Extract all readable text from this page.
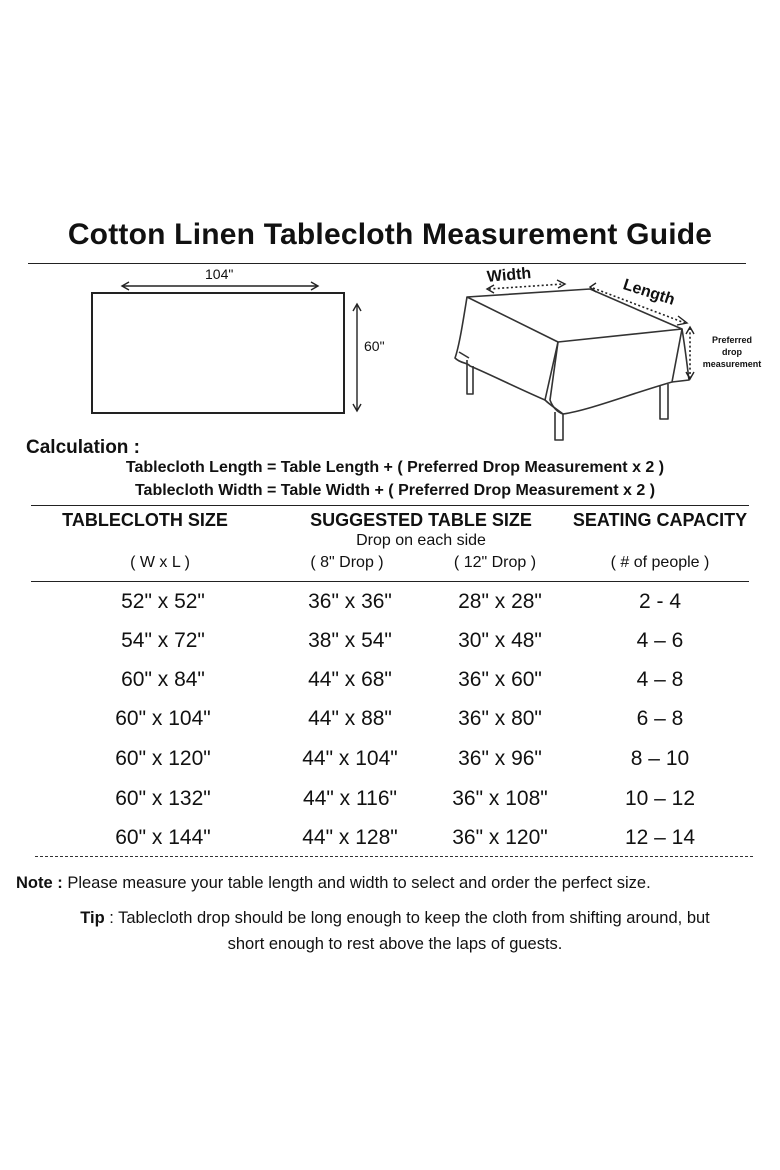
Cotton Linen Tablecloth Measurement Guide
104"
60"
Width
Length
Preferred
drop
measurement
Calculation :
Tablecloth Length = Table Length + ( Preferred Drop Measurement x 2 )
Tablecloth Width = Table Width + ( Preferred Drop Measurement x 2 )
TABLECLOTH SIZE	SUGGESTED TABLE SIZE	SEATING CAPACITY
Drop on each side
( W x L )	( 8" Drop )	( 12" Drop )	( # of people )
52" x 52"	36" x 36"	28" x 28"	2 - 4
54" x 72"	38" x 54"	30" x 48"	4 – 6
60" x 84"	44" x 68"	36" x 60"	4 – 8
60" x 104"	44" x 88"	36" x 80"	6 – 8
60" x 120"	44" x 104"	36" x 96"	8 – 10
60" x 132"	44" x 116"	36" x 108"	10 – 12
60" x 144"	44" x 128"	36" x 120"	12 – 14
Note : Please measure your table length and width to select and order the perfect size.
Tip : Tablecloth drop should be long enough to keep the cloth from shifting around, but
short enough to rest above the laps of guests.
